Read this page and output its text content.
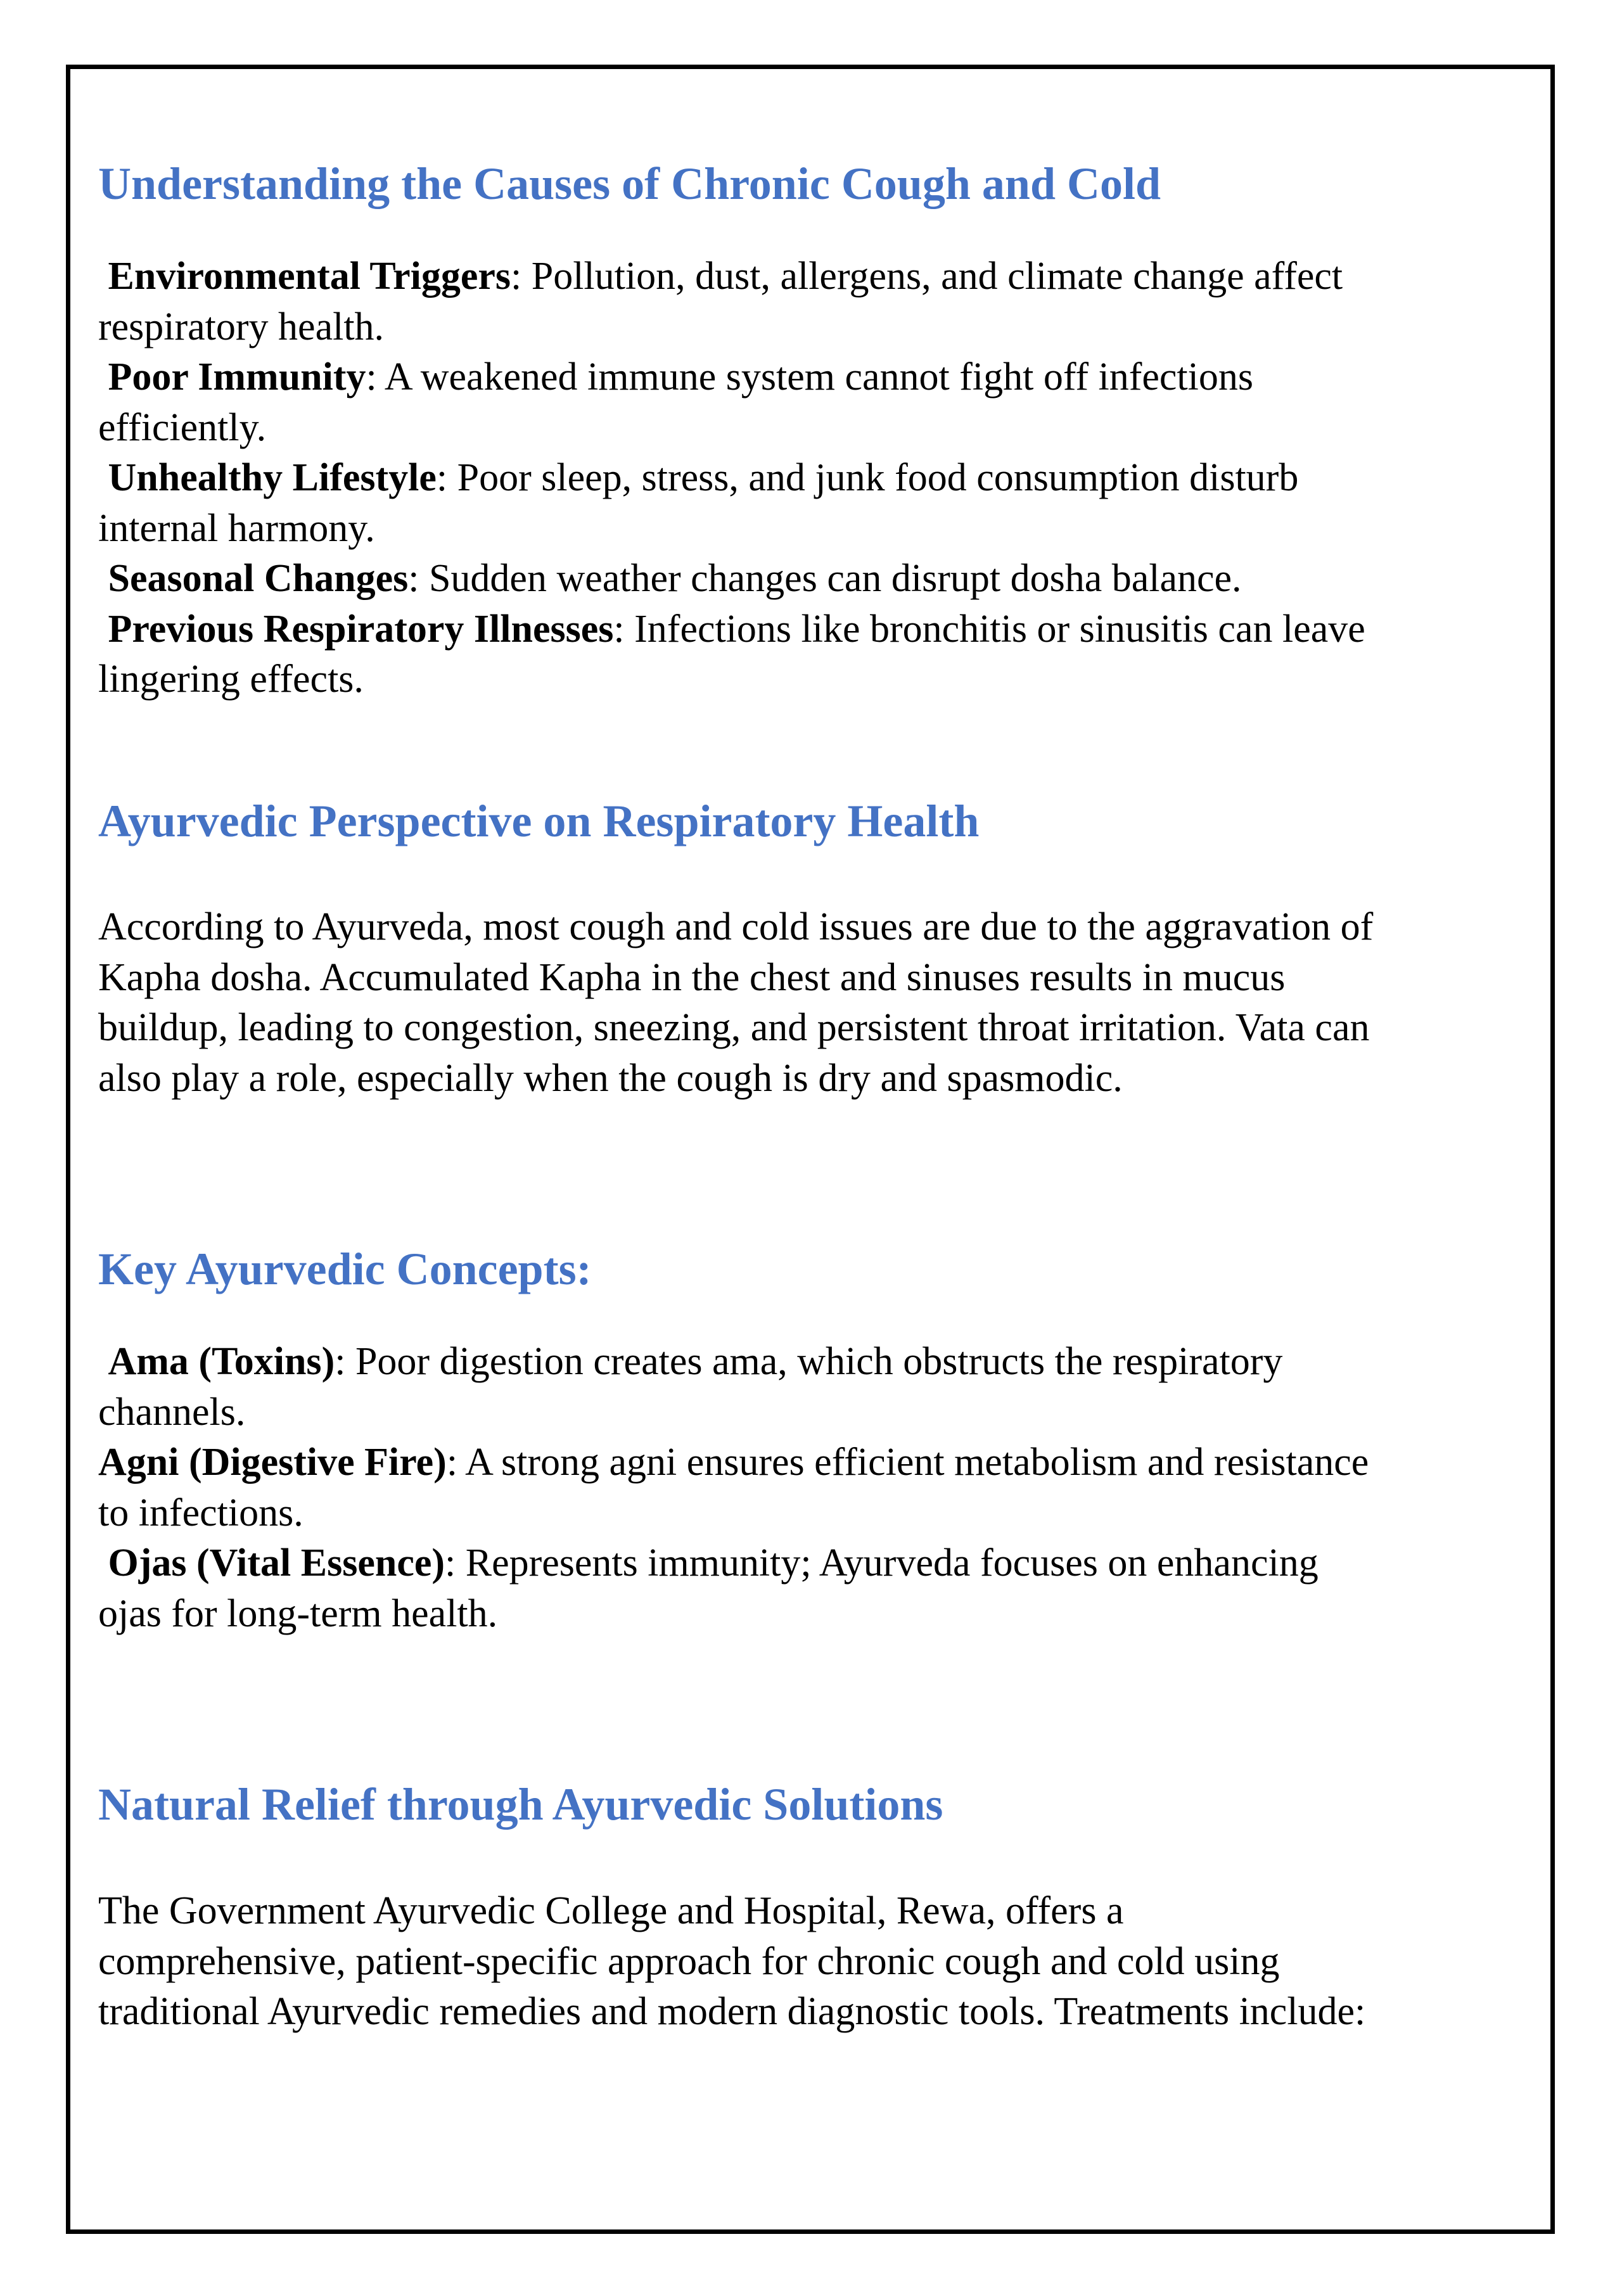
Understanding the Causes of Chronic Cough and Cold
Environmental Triggers: Pollution, dust, allergens, and climate change affect
respiratory health.
Poor Immunity: A weakened immune system cannot fight off infections
efficiently.
Unhealthy Lifestyle: Poor sleep, stress, and junk food consumption disturb
internal harmony.
Seasonal Changes: Sudden weather changes can disrupt dosha balance.
Previous Respiratory Illnesses: Infections like bronchitis or sinusitis can leave
lingering effects.
Ayurvedic Perspective on Respiratory Health
According to Ayurveda, most cough and cold issues are due to the aggravation of
Kapha dosha. Accumulated Kapha in the chest and sinuses results in mucus
buildup, leading to congestion, sneezing, and persistent throat irritation. Vata can
also play a role, especially when the cough is dry and spasmodic.
Key Ayurvedic Concepts:
Ama (Toxins): Poor digestion creates ama, which obstructs the respiratory
channels.
Agni (Digestive Fire): A strong agni ensures efficient metabolism and resistance
to infections.
Ojas (Vital Essence): Represents immunity; Ayurveda focuses on enhancing
ojas for long-term health.
Natural Relief through Ayurvedic Solutions
The Government Ayurvedic College and Hospital, Rewa, offers a
comprehensive, patient-specific approach for chronic cough and cold using
traditional Ayurvedic remedies and modern diagnostic tools. Treatments include:
